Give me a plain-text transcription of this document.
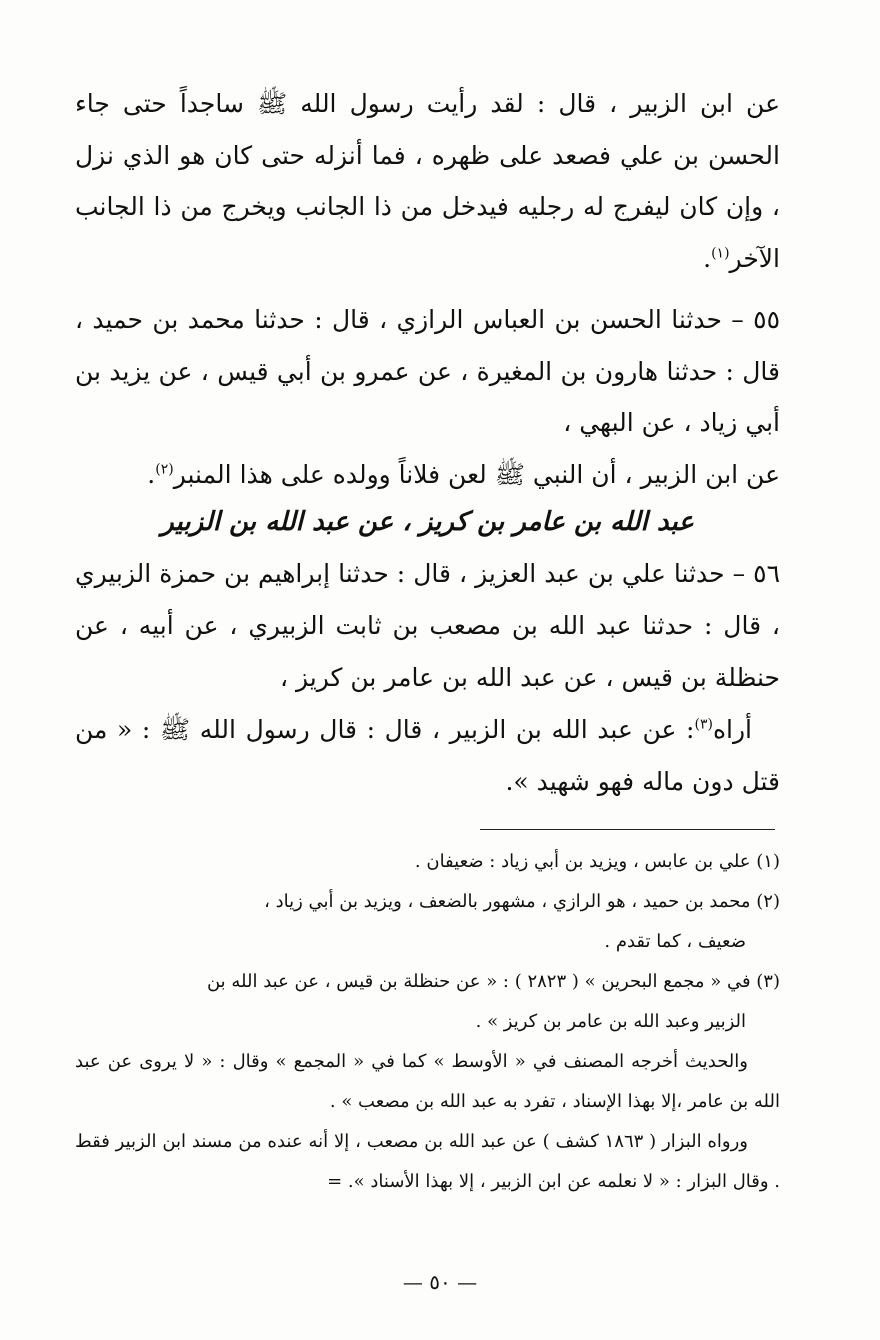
عن ابن الزبير ، قال : لقد رأيت رسول الله ﷺ ساجداً حتى جاء الحسن بن علي فصعد على ظهره ، فما أنزله حتى كان هو الذي نزل ، وإن كان ليفرج له رجليه فيدخل من ذا الجانب ويخرج من ذا الجانب الآخر$^{(١)}$.

٥٥ – حدثنا الحسن بن العباس الرازي ، قال : حدثنا محمد بن حميد ، قال : حدثنا هارون بن المغيرة ، عن عمرو بن أبي قيس ، عن يزيد بن أبي زياد ، عن البهي ،

عن ابن الزبير ، أن النبي ﷺ لعن فلاناً وولده على هذا المنبر$^{(٢)}$.

عبد الله بن عامر بن كريز ، عن عبد الله بن الزبير

٥٦ – حدثنا علي بن عبد العزيز ، قال : حدثنا إبراهيم بن حمزة الزبيري ، قال : حدثنا عبد الله بن مصعب بن ثابت الزبيري ، عن أبيه ، عن حنظلة بن قيس ، عن عبد الله بن عامر بن كريز ،

أراه$^{(٣)}$: عن عبد الله بن الزبير ، قال : قال رسول الله ﷺ : « من قتل دون ماله فهو شهيد ».

(١) علي بن عابس ، ويزيد بن أبي زياد : ضعيفان .

(٢) محمد بن حميد ، هو الرازي ، مشهور بالضعف ، ويزيد بن أبي زياد ،

ضعيف ، كما تقدم .

(٣) في « مجمع البحرين » ( ٢٨٢٣ ) : « عن حنظلة بن قيس ، عن عبد الله بن

الزبير وعبد الله بن عامر بن كريز » .

والحديث أخرجه المصنف في « الأوسط » كما في « المجمع » وقال : « لا يروى عن عبد الله بن عامر ،إلا بهذا الإسناد ، تفرد به عبد الله بن مصعب » .

ورواه البزار ( ١٨٦٣ كشف ) عن عبد الله بن مصعب ، إلا أنه عنده من مسند ابن الزبير فقط . وقال البزار : « لا نعلمه عن ابن الزبير ، إلا بهذا الأسناد ». =

— ٥٠ —
